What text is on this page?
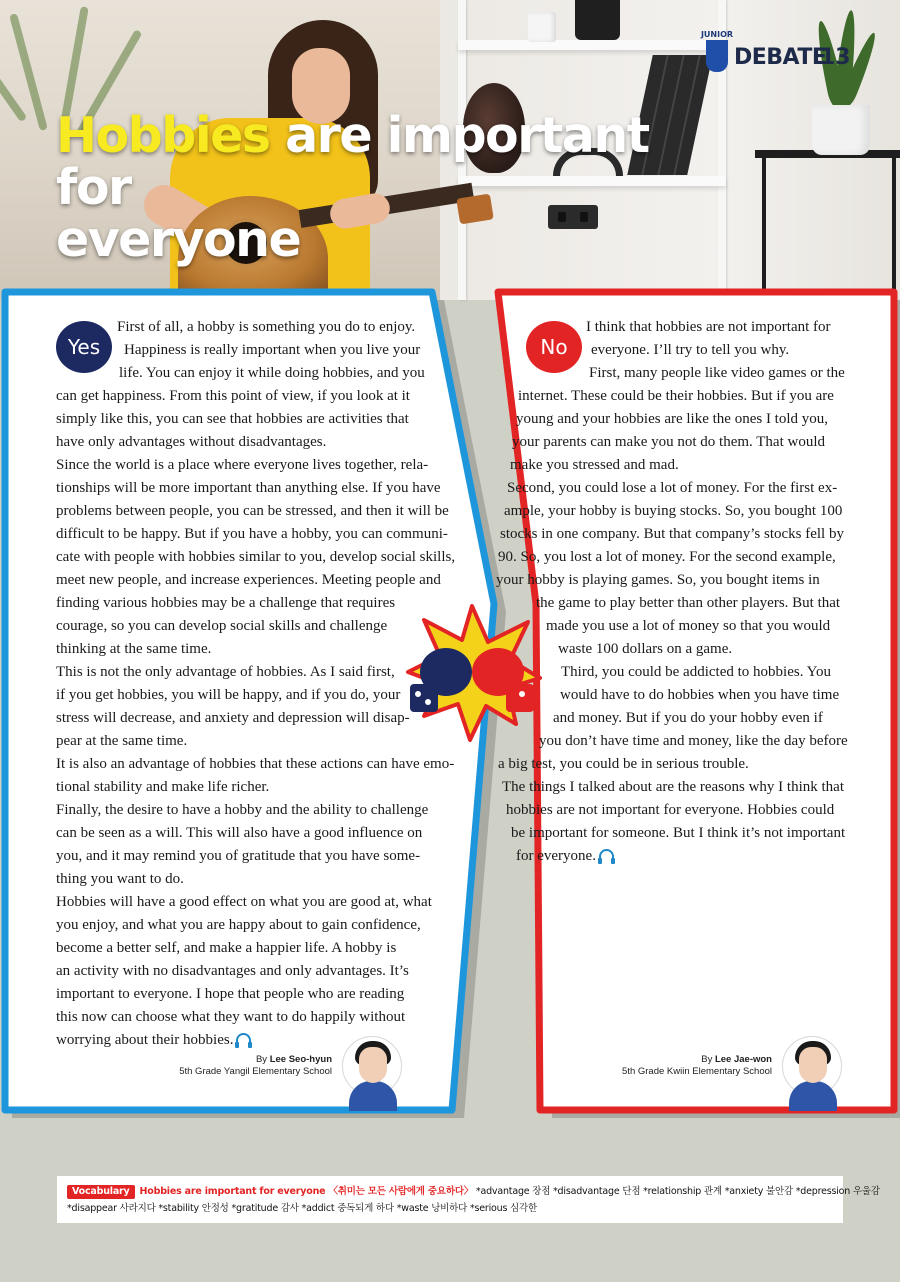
Hobbies are important for
everyone
JUNIOR
DEBATE
13
Yes
First of all, a hobby is something you do to enjoy.
Happiness is really important when you live your
life. You can enjoy it while doing hobbies, and you
can get happiness. From this point of view, if you look at it
simply like this, you can see that hobbies are activities that
have only advantages without disadvantages.
Since the world is a place where everyone lives together, rela-
tionships will be more important than anything else. If you have
problems between people, you can be stressed, and then it will be
difficult to be happy. But if you have a hobby, you can communi-
cate with people with hobbies similar to you, develop social skills,
meet new people, and increase experiences. Meeting people and
finding various hobbies may be a challenge that requires
courage, so you can develop social skills and challenge
thinking at the same time.
This is not the only advantage of hobbies. As I said first,
if you get hobbies, you will be happy, and if you do, your
stress will decrease, and anxiety and depression will disap-
pear at the same time.
It is also an advantage of hobbies that these actions can have emo-
tional stability and make life richer.
Finally, the desire to have a hobby and the ability to challenge
can be seen as a will. This will also have a good influence on
you, and it may remind you of gratitude that you have some-
thing you want to do.
Hobbies will have a good effect on what you are good at, what
you enjoy, and what you are happy about to gain confidence,
become a better self, and make a happier life. A hobby is
an activity with no disadvantages and only advantages. It’s
important to everyone. I hope that people who are reading
this now can choose what they want to do happily without
worrying about their hobbies.
By Lee Seo-hyun
5th Grade Yangil Elementary School
No
I think that hobbies are not important for
everyone. I’ll try to tell you why.
First, many people like video games or the
internet. These could be their hobbies. But if you are
young and your hobbies are like the ones I told you,
your parents can make you not do them. That would
make you stressed and mad.
Second, you could lose a lot of money. For the first ex-
ample, your hobby is buying stocks. So, you bought 100
stocks in one company. But that company’s stocks fell by
90. So, you lost a lot of money. For the second example,
your hobby is playing games. So, you bought items in
the game to play better than other players. But that
made you use a lot of money so that you would
waste 100 dollars on a game.
Third, you could be addicted to hobbies. You
would have to do hobbies when you have time
and money. But if you do your hobby even if
you don’t have time and money, like the day before
a big test, you could be in serious trouble.
The things I talked about are the reasons why I think that
hobbies are not important for everyone. Hobbies could
be important for someone. But I think it’s not important
for everyone.
By Lee Jae-won
5th Grade Kwiin Elementary School
Vocabulary Hobbies are important for everyone 〈취미는 모든 사람에게 중요하다〉 *advantage 장점 *disadvantage 단점 *relationship 관계 *anxiety 불안감 *depression 우울감
*disappear 사라지다 *stability 안정성 *gratitude 감사 *addict 중독되게 하다 *waste 낭비하다 *serious 심각한
